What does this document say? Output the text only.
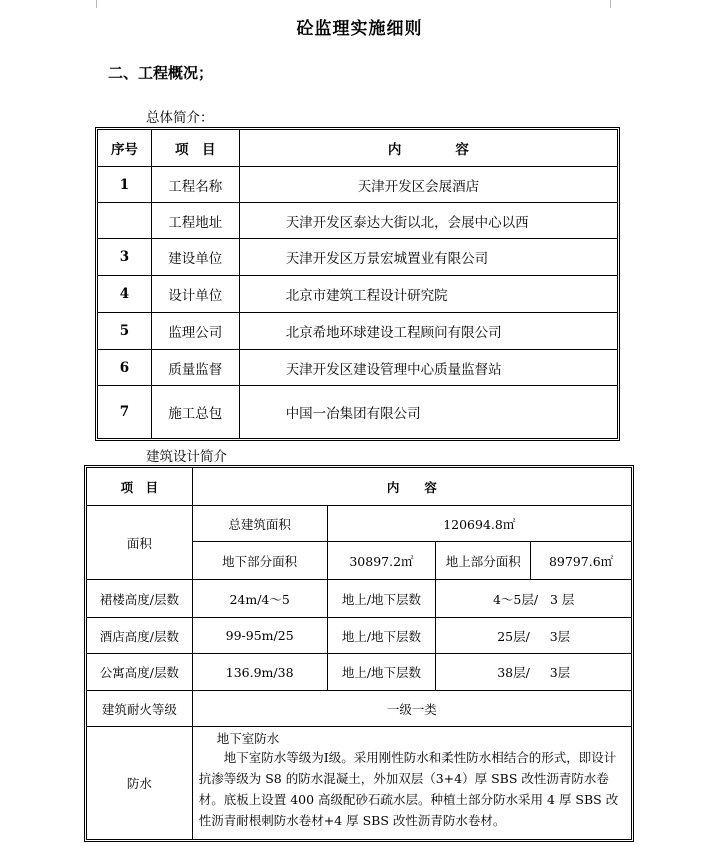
砼监理实施细则
二、工程概况；
总体简介：
序号	项　目	内　　　　容
1	工程名称	天津开发区会展酒店
	工程地址	天津开发区泰达大街以北，会展中心以西
3	建设单位	天津开发区万景宏城置业有限公司
4	设计单位	北京市建筑工程设计研究院
5	监理公司	北京希地环球建设工程顾问有限公司
6	质量监督	天津开发区建设管理中心质量监督站
7	施工总包	中国一冶集团有限公司
建筑设计简介
项　目	内　　容			
面积	总建筑面积	120694.8㎡		
	地下部分面积	30897.2㎡	地上部分面积	89797.6㎡
裙楼高度/层数	24m/4～5	地上/地下层数	4～5层/ 3 层	
酒店高度/层数	99-95m/25	地上/地下层数	25层/ 3层	
公寓高度/层数	136.9m/38	地上/地下层数	38层/ 3层	
建筑耐火等级	一级一类			
防水	地下室防水
地下室防水等级为Ⅰ级。采用刚性防水和柔性防水相结合的形式，即设计抗渗等级为 S8 的防水混凝土，外加双层（3+4）厚 SBS 改性沥青防水卷材。底板上设置 400 高级配砂石疏水层。种植土部分防水采用 4 厚 SBS 改性沥青耐根刺防水卷材+4 厚 SBS 改性沥青防水卷材。			
